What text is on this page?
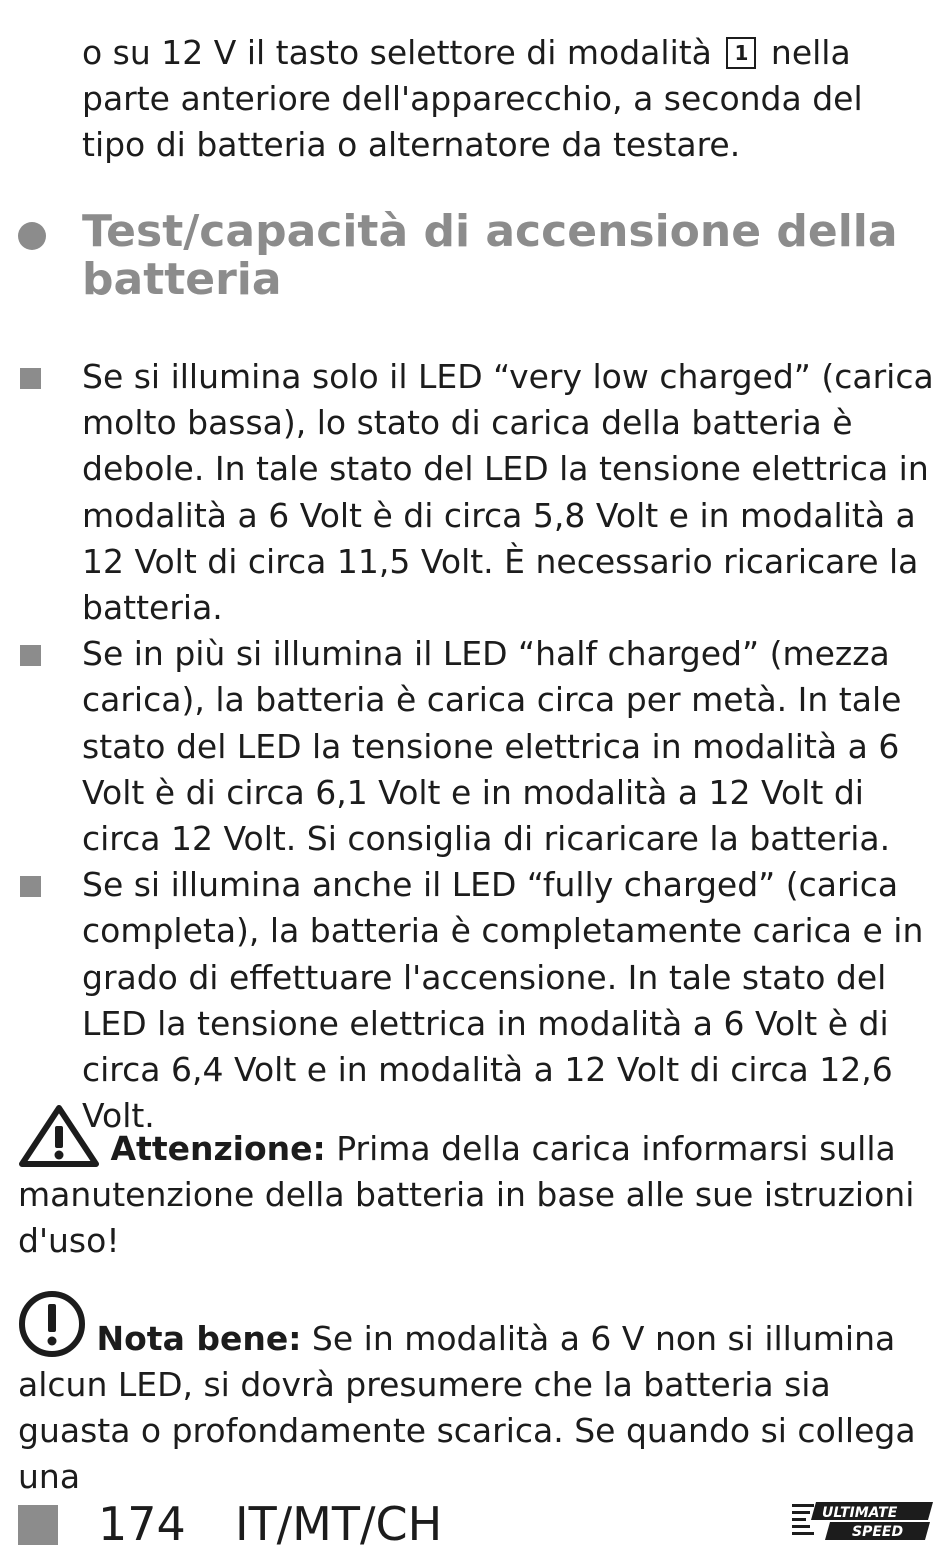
o su 12 V il tasto selettore di modalità 1 nella parte anteriore dell'apparecchio, a seconda del tipo di batteria o alternatore da testare.

Test/capacità di accensione della batteria
Se si illumina solo il LED “very low charged” (carica molto bassa), lo stato di carica della batteria è debole. In tale stato del LED la tensione elettrica in modalità a 6 Volt è di circa 5,8 Volt e in modalità a 12 Volt di circa 11,5 Volt. È necessario ricaricare la batteria.
Se in più si illumina il LED “half charged” (mezza carica), la batteria è carica circa per metà. In tale stato del LED la tensione elettrica in modalità a 6 Volt è di circa 6,1 Volt e in modalità a 12 Volt di circa 12 Volt. Si consiglia di ricaricare la batteria.
Se si illumina anche il LED “fully charged” (carica completa), la batteria è completamente carica e in grado di effettuare l'accensione. In tale stato del LED la tensione elettrica in modalità a 6 Volt è di circa 6,4 Volt e in modalità a 12 Volt di circa 12,6 Volt.

Attenzione: Prima della carica informarsi sulla manutenzione della batteria in base alle sue istruzioni d'uso!

Nota bene: Se in modalità a 6 V non si illumina alcun LED, si dovrà presumere che la batteria sia guasta o profondamente scarica. Se quando si collega una

174 IT/MT/CH	ULTIMATE
SPEED
